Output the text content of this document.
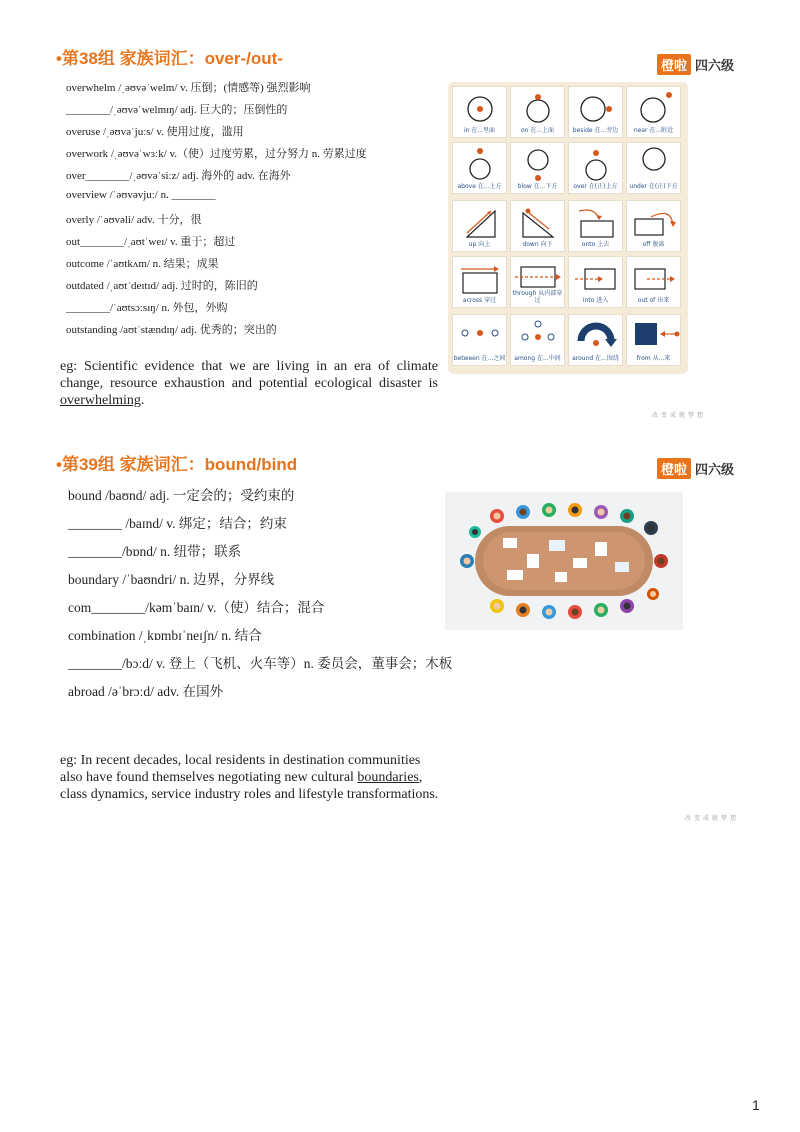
•第38组 家族词汇：over-/out-	橙啦 四六级
overwhelm /ˌəʊvəˈwelm/ v. 压倒；(情感等) 强烈影响
________/ˌəʊvəˈwelmɪŋ/ adj. 巨大的；压倒性的
overuse /ˌəʊvəˈjuːs/ v. 使用过度，滥用
overwork /ˌəʊvəˈwɜːk/ v.（使）过度劳累，过分努力 n. 劳累过度
over________/ˌəʊvəˈsiːz/ adj. 海外的 adv. 在海外
overview /ˈəʊvəvjuː/ n. ________
overly /ˈəʊvəli/ adv. 十分，很
out________/ˌaʊtˈweɪ/ v. 重于；超过
outcome /ˈaʊtkʌm/ n. 结果；成果
outdated /ˌaʊtˈdeɪtɪd/ adj. 过时的，陈旧的
________/ˈaʊtsɔːsɪŋ/ n. 外包，外购
outstanding /aʊtˈstændɪŋ/ adj. 优秀的；突出的
eg: Scientific evidence that we are living in an era of climate change, resource exhaustion and potential ecological disaster is overwhelming.
in 在...里面	on 在...上面	beside 在...旁边	near 在...附近
above 在...上方	blow 在...下方	over 在(正)上方	under 在(正)下方
up 向上	down 向下	onto 上去	off 脱离
across 穿过
through 从内部穿过	into 进入	out of 出来
between 在...之间	among 在...中间	around 在...围绕	from 从...来
改变成就梦想
•第39组 家族词汇：bound/bind	橙啦 四六级
bound /baʊnd/ adj. 一定会的；受约束的
________ /baɪnd/ v. 绑定；结合；约束
________/bɒnd/ n. 纽带；联系
boundary /ˈbaʊndri/ n. 边界，分界线
com________/kəmˈbaɪn/ v.（使）结合；混合
combination /ˌkɒmbɪˈneɪʃn/ n. 结合
________/bɔːd/ v. 登上（飞机、火车等）n. 委员会，董事会；木板
abroad /əˈbrɔːd/ adv. 在国外
eg: In recent decades, local residents in destination communities also have found themselves negotiating new cultural boundaries, class dynamics, service industry roles and lifestyle transformations.
改变成就梦想
1
